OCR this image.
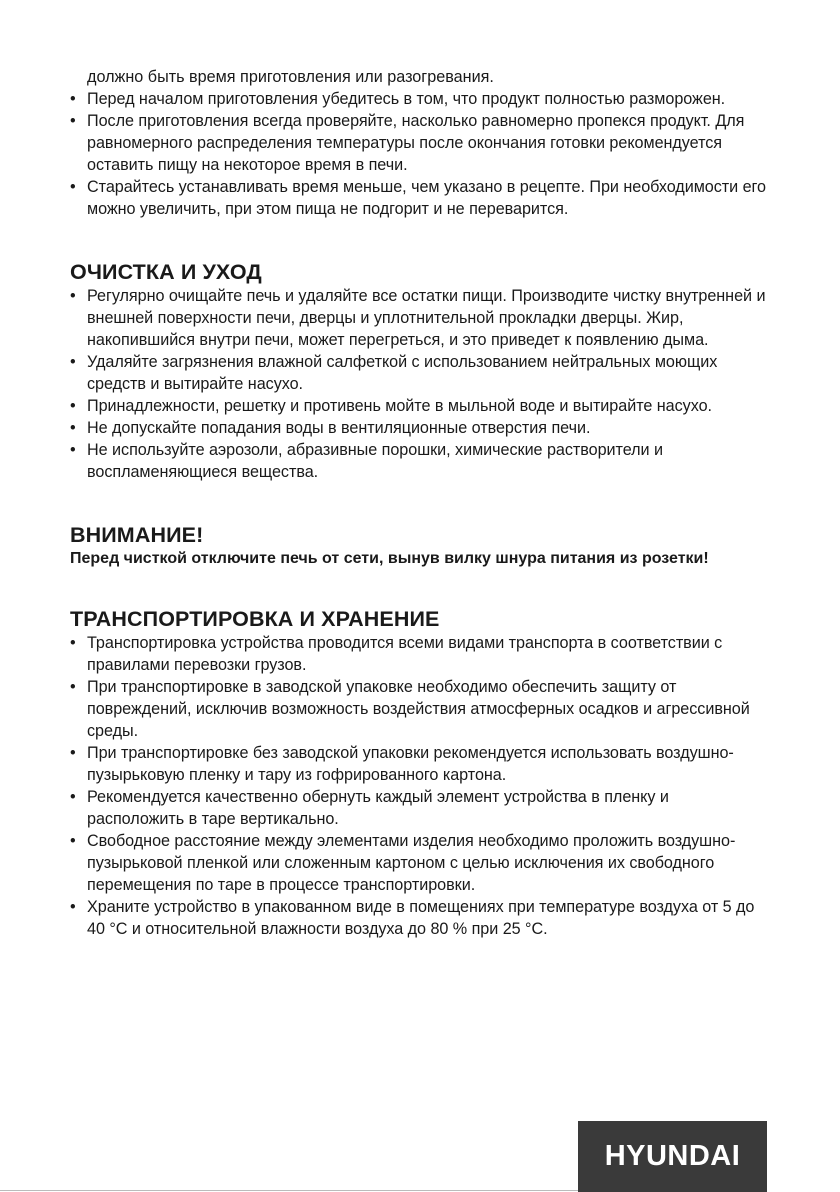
должно быть время приготовления или разогревания.
• Перед началом приготовления убедитесь в том, что продукт полностью разморожен.
• После приготовления всегда проверяйте, насколько равномерно пропекся продукт. Для равномерного распределения температуры после окончания готовки рекомендуется оставить пищу на некоторое время в печи.
• Старайтесь устанавливать время меньше, чем указано в рецепте. При необходимости его можно увеличить, при этом пища не подгорит и не переварится.
ОЧИСТКА И УХОД
• Регулярно очищайте печь и удаляйте все остатки пищи. Производите чистку внутренней и внешней поверхности печи, дверцы и уплотнительной прокладки дверцы. Жир, накопившийся внутри печи, может перегреться, и это приведет к появлению дыма.
• Удаляйте загрязнения влажной салфеткой с использованием нейтральных моющих средств и вытирайте насухо.
• Принадлежности, решетку и противень мойте в мыльной воде и вытирайте насухо.
• Не допускайте попадания воды в вентиляционные отверстия печи.
• Не используйте аэрозоли, абразивные порошки, химические растворители и воспламеняющиеся вещества.
ВНИМАНИЕ!

Перед чисткой отключите печь от сети, вынув вилку шнура питания из розетки!

ТРАНСПОРТИРОВКА И ХРАНЕНИЕ
• Транспортировка устройства проводится всеми видами транспорта в соответствии с правилами перевозки грузов.
• При транспортировке в заводской упаковке необходимо обеспечить защиту от повреждений, исключив возможность воздействия атмосферных осадков и агрессивной среды.
• При транспортировке без заводской упаковки рекомендуется использовать воздушно-пузырьковую пленку и тару из гофрированного картона.
• Рекомендуется качественно обернуть каждый элемент устройства в пленку и расположить в таре вертикально.
• Свободное расстояние между элементами изделия необходимо проложить воздушно-пузырьковой пленкой или сложенным картоном с целью исключения их свободного перемещения по таре в процессе транспортировки.
• Храните устройство в упакованном виде в помещениях при температуре воздуха от 5 до 40 °С и относительной влажности воздуха до 80 % при 25 °С.
HYUNDAI
